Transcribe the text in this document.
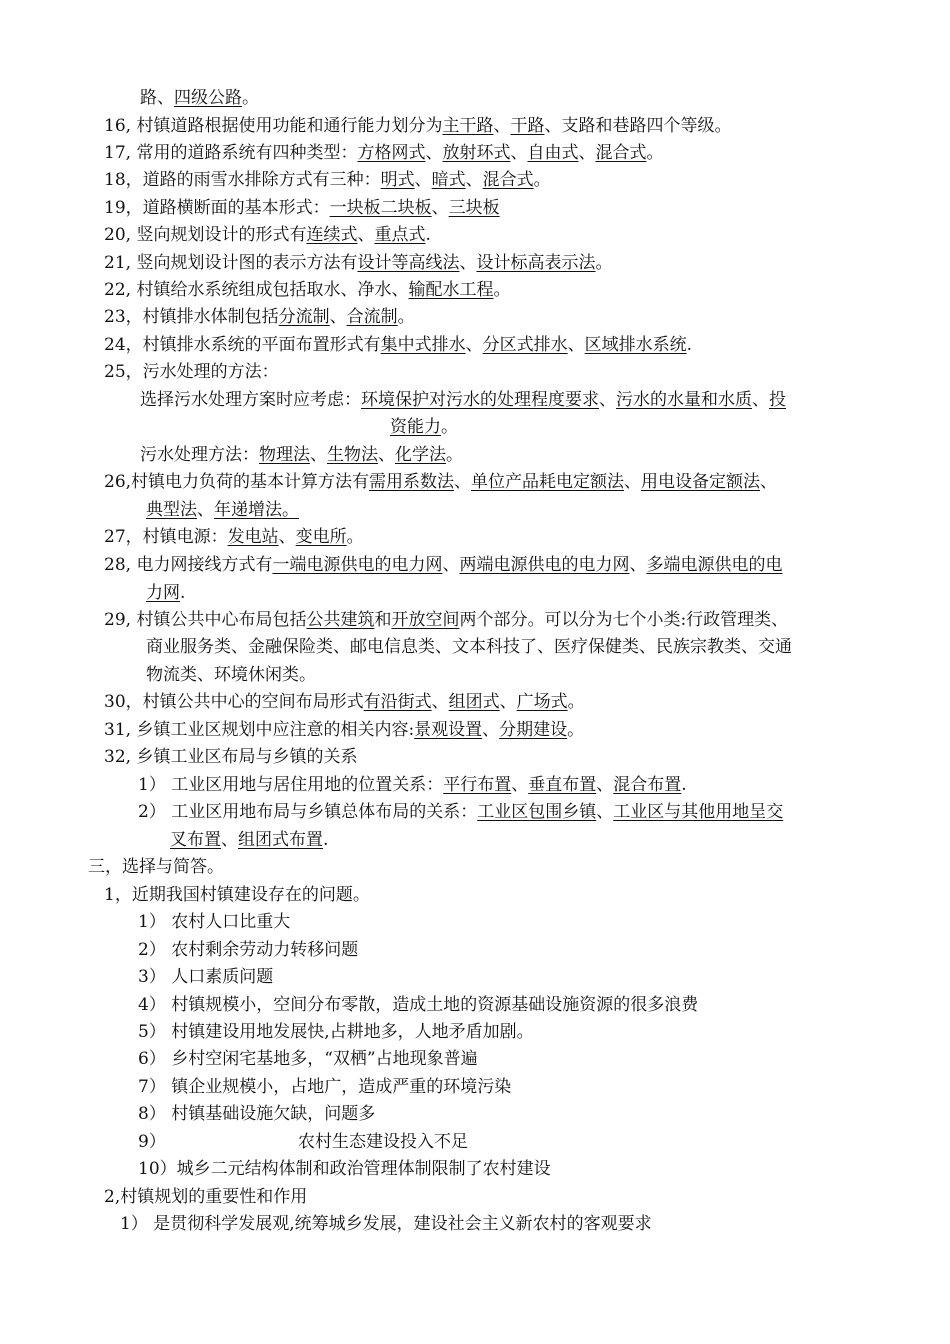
路、四级公路。
16, 村镇道路根据使用功能和通行能力划分为主干路、干路、支路和巷路四个等级。
17, 常用的道路系统有四种类型：方格网式、放射环式、自由式、混合式。
18，道路的雨雪水排除方式有三种：明式、暗式、混合式。
19，道路横断面的基本形式：一块板二块板、三块板
20, 竖向规划设计的形式有连续式、重点式.
21, 竖向规划设计图的表示方法有设计等高线法、设计标高表示法。
22, 村镇给水系统组成包括取水、净水、输配水工程。
23，村镇排水体制包括分流制、合流制。
24，村镇排水系统的平面布置形式有集中式排水、分区式排水、区域排水系统.
25，污水处理的方法：
选择污水处理方案时应考虑：环境保护对污水的处理程度要求、污水的水量和水质、投
资能力。
污水处理方法：物理法、生物法、化学法。
26,村镇电力负荷的基本计算方法有需用系数法、单位产品耗电定额法、用电设备定额法、
典型法、年递增法。
27，村镇电源：发电站、变电所。
28, 电力网接线方式有一端电源供电的电力网、两端电源供电的电力网、多端电源供电的电
力网.
29, 村镇公共中心布局包括公共建筑和开放空间两个部分。可以分为七个小类:行政管理类、
商业服务类、金融保险类、邮电信息类、文本科技了、医疗保健类、民族宗教类、交通
物流类、环境休闲类。
30，村镇公共中心的空间布局形式有沿街式、组团式、广场式。
31, 乡镇工业区规划中应注意的相关内容:景观设置、分期建设。
32, 乡镇工业区布局与乡镇的关系
1） 工业区用地与居住用地的位置关系：平行布置、垂直布置、混合布置.
2） 工业区用地布局与乡镇总体布局的关系：工业区包围乡镇、工业区与其他用地呈交
叉布置、组团式布置.
三，选择与简答。
1，近期我国村镇建设存在的问题。
1） 农村人口比重大
2） 农村剩余劳动力转移问题
3） 人口素质问题
4） 村镇规模小，空间分布零散，造成土地的资源基础设施资源的很多浪费
5） 村镇建设用地发展快,占耕地多，人地矛盾加剧。
6） 乡村空闲宅基地多，“双栖”占地现象普遍
7） 镇企业规模小，占地广，造成严重的环境污染
8） 村镇基础设施欠缺，问题多
9）	农村生态建设投入不足
10）城乡二元结构体制和政治管理体制限制了农村建设
2,村镇规划的重要性和作用
1） 是贯彻科学发展观,统筹城乡发展，建设社会主义新农村的客观要求
